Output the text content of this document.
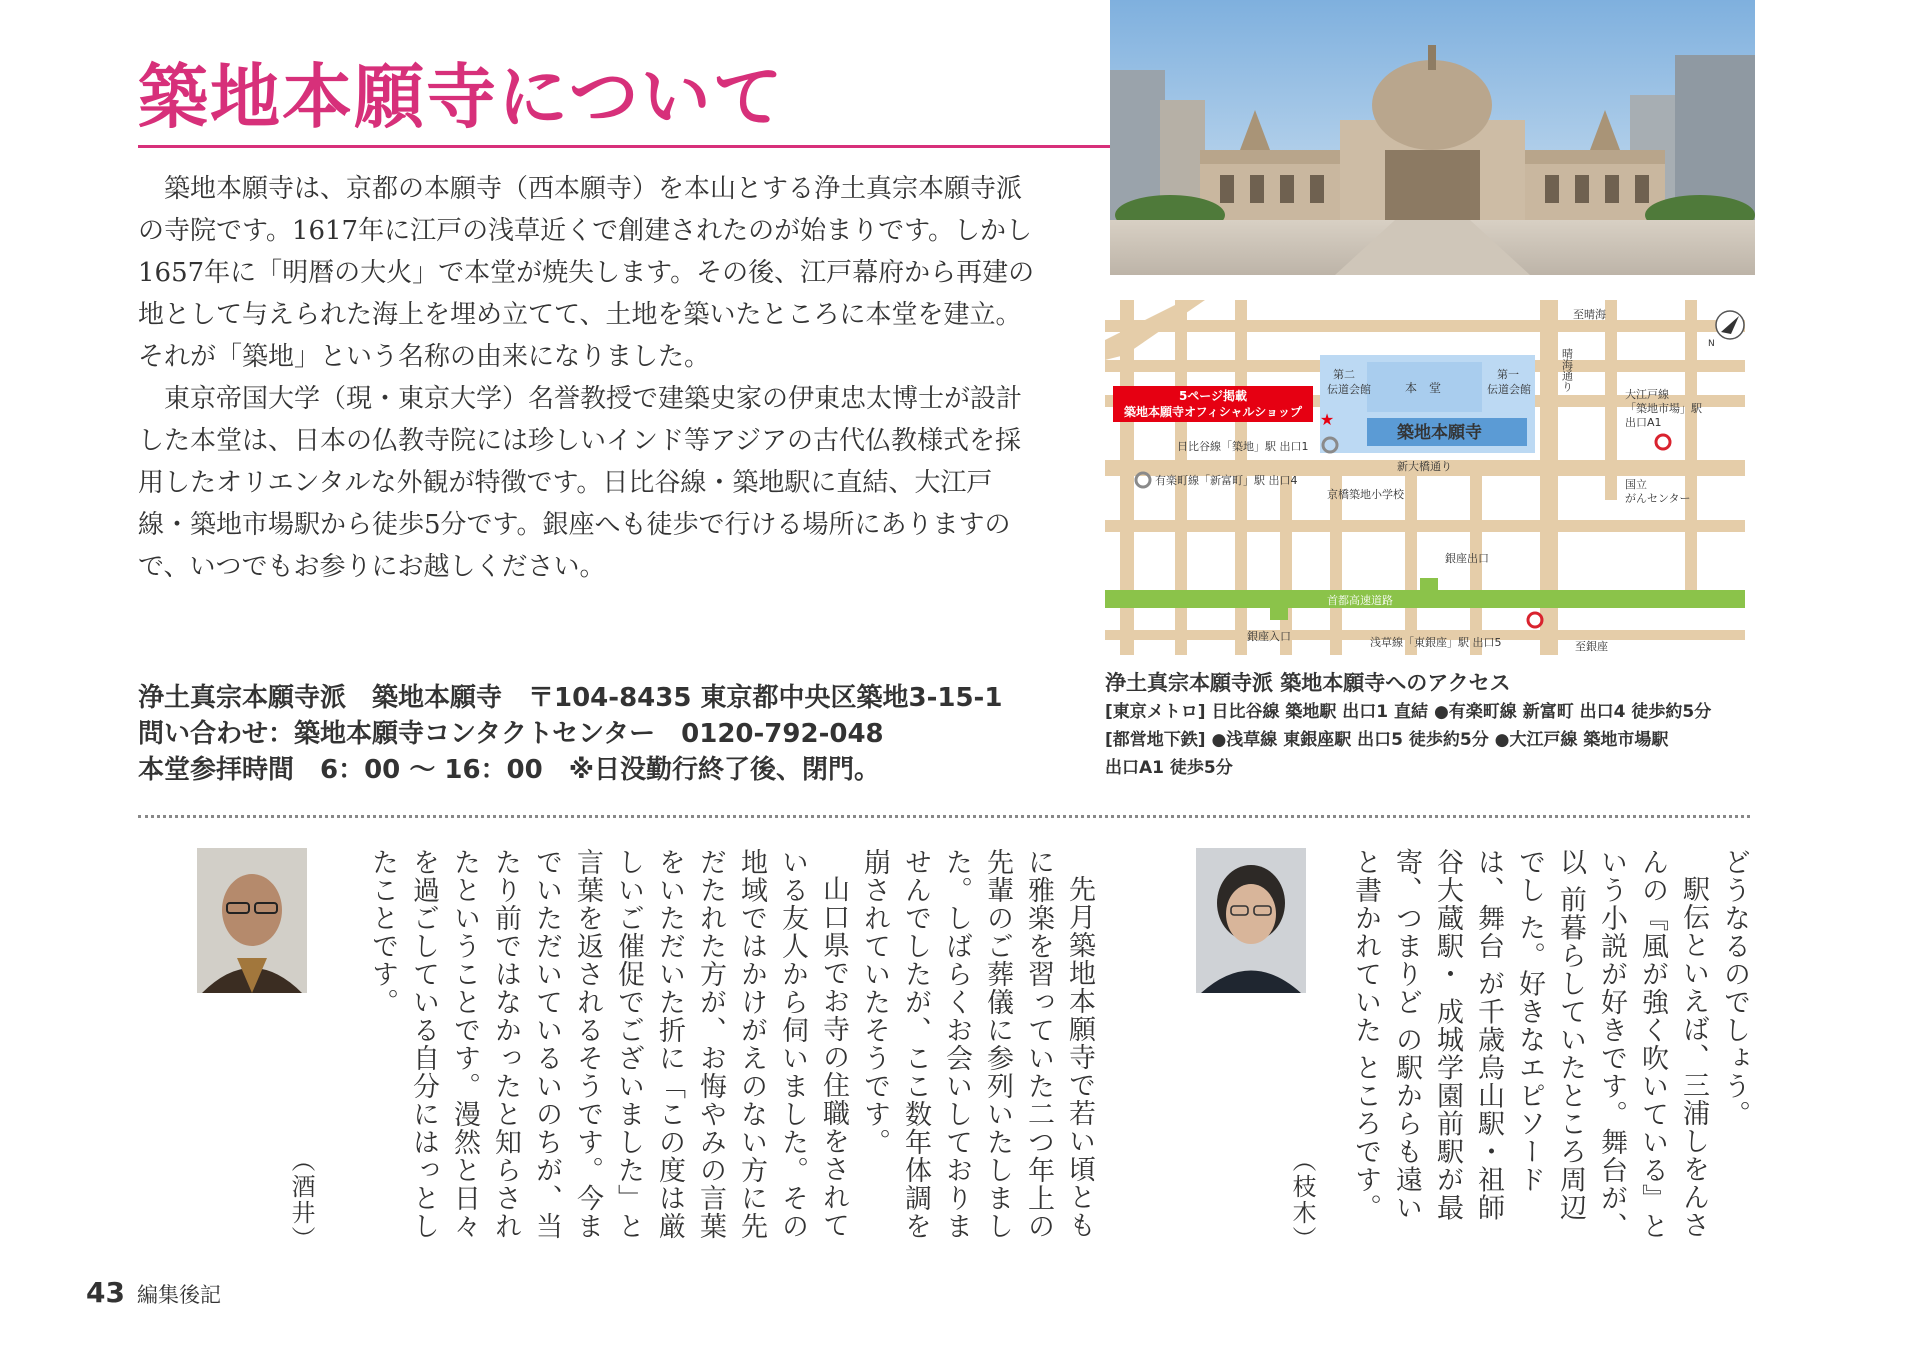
築地本願寺について

築地本願寺は、京都の本願寺（西本願寺）を本山とする浄土真宗本願寺派の寺院です。1617年に江戸の浅草近くで創建されたのが始まりです。しかし1657年に「明暦の大火」で本堂が焼失します。その後、江戸幕府から再建の地として与えられた海上を埋め立てて、土地を築いたところに本堂を建立。それが「築地」という名称の由来になりました。

東京帝国大学（現・東京大学）名誉教授で建築史家の伊東忠太博士が設計した本堂は、日本の仏教寺院には珍しいインド等アジアの古代仏教様式を採用したオリエンタルな外観が特徴です。日比谷線・築地駅に直結、大江戸線・築地市場駅から徒歩5分です。銀座へも徒歩で行ける場所にありますので、いつでもお参りにお越しください。

浄土真宗本願寺派　築地本願寺　〒104-8435 東京都中央区築地3-15-1
問い合わせ：築地本願寺コンタクトセンター　0120-792-048
本堂参拝時間　6：00 ～ 16：00　※日没勤行終了後、閉門。
5ページ掲載
築地本願寺オフィシャルショップ ★
至晴海
N
晴海通り
第二
伝道会館	本　堂
第一
伝道会館
築地本願寺
日比谷線「築地」駅 出口1
新大橋通り
大江戸線
「築地市場」駅
出口A1
有楽町線「新富町」駅 出口4
京橋築地小学校
国立
がんセンター
銀座出口
首都高速道路
銀座入口	浅草線「東銀座」駅 出口5	至銀座
浄土真宗本願寺派 築地本願寺へのアクセス
[東京メトロ] 日比谷線 築地駅 出口1 直結 ●有楽町線 新富町 出口4 徒歩約5分
[都営地下鉄] ●浅草線 東銀座駅 出口5 徒歩約5分 ●大江戸線 築地市場駅
出口A1 徒歩5分

先月築地本願寺で若い頃とも に雅楽を習っていた二つ年上の 先輩のご葬儀に参列いたしまし た。しばらくお会いしておりま せんでしたが、ここ数年体調を 崩されていたそうです。

山口県でお寺の住職をされて いる友人から伺いました。その 地域ではかけがえのない方に先 だたれた方が、お悔やみの言葉 をいただいた折に「この度は厳 しいご催促でございました」と 言葉を返されるそうです。今ま でいただいているいのちが、当 たり前ではなかったと知らされ たということです。漫然と日々 を過ごしている自分にはっとし たことです。

（酒井）

どうなるのでしょう。

駅伝といえば、三浦しをんさ んの『風が強く吹いている』と いう小説が好きです。舞台が、以 前暮らしていたところ周辺でし た。好きなエピソードは、舞台 が千歳烏山駅・祖師谷大蔵駅・ 成城学園前駅が最寄、つまりど の駅からも遠いと書かれていた ところです。

（枝木）
43 編集後記
